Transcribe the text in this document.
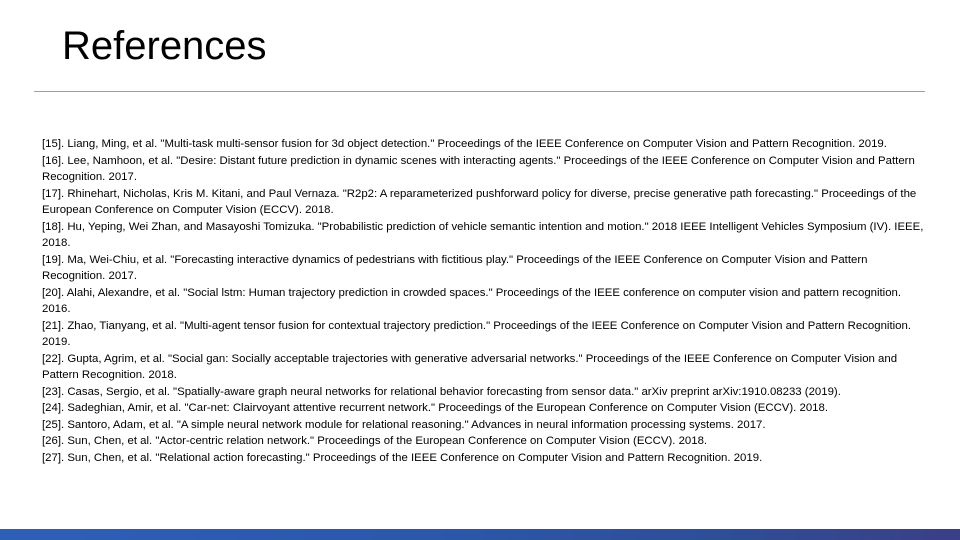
References
[15]. Liang, Ming, et al. "Multi-task multi-sensor fusion for 3d object detection." Proceedings of the IEEE Conference on Computer Vision and Pattern Recognition. 2019.
[16]. Lee, Namhoon, et al. "Desire: Distant future prediction in dynamic scenes with interacting agents." Proceedings of the IEEE Conference on Computer Vision and Pattern Recognition. 2017.
[17]. Rhinehart, Nicholas, Kris M. Kitani, and Paul Vernaza. "R2p2: A reparameterized pushforward policy for diverse, precise generative path forecasting." Proceedings of the European Conference on Computer Vision (ECCV). 2018.
[18]. Hu, Yeping, Wei Zhan, and Masayoshi Tomizuka. "Probabilistic prediction of vehicle semantic intention and motion." 2018 IEEE Intelligent Vehicles Symposium (IV). IEEE, 2018.
[19]. Ma, Wei-Chiu, et al. "Forecasting interactive dynamics of pedestrians with fictitious play." Proceedings of the IEEE Conference on Computer Vision and Pattern Recognition. 2017.
[20]. Alahi, Alexandre, et al. "Social lstm: Human trajectory prediction in crowded spaces." Proceedings of the IEEE conference on computer vision and pattern recognition. 2016.
[21]. Zhao, Tianyang, et al. "Multi-agent tensor fusion for contextual trajectory prediction." Proceedings of the IEEE Conference on Computer Vision and Pattern Recognition. 2019.
[22]. Gupta, Agrim, et al. "Social gan: Socially acceptable trajectories with generative adversarial networks." Proceedings of the IEEE Conference on Computer Vision and Pattern Recognition. 2018.
[23]. Casas, Sergio, et al. "Spatially-aware graph neural networks for relational behavior forecasting from sensor data." arXiv preprint arXiv:1910.08233 (2019).
[24]. Sadeghian, Amir, et al. "Car-net: Clairvoyant attentive recurrent network." Proceedings of the European Conference on Computer Vision (ECCV). 2018.
[25]. Santoro, Adam, et al. "A simple neural network module for relational reasoning." Advances in neural information processing systems. 2017.
[26]. Sun, Chen, et al. "Actor-centric relation network." Proceedings of the European Conference on Computer Vision (ECCV). 2018.
[27]. Sun, Chen, et al. "Relational action forecasting." Proceedings of the IEEE Conference on Computer Vision and Pattern Recognition. 2019.
